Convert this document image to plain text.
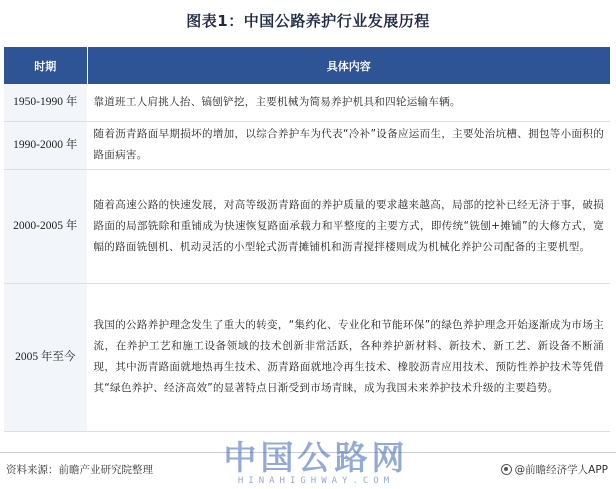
图表1：中国公路养护行业发展历程
时期	具体内容
1950-1990 年	靠道班工人肩挑人抬、镐刨铲挖，主要机械为简易养护机具和四轮运输车辆。
1990-2000 年	随着沥青路面早期损坏的增加，以综合养护车为代表“冷补”设备应运而生，主要处治坑槽、拥包等小面积的路面病害。
2000-2005 年	随着高速公路的快速发展，对高等级沥青路面的养护质量的要求越来越高，局部的挖补已经无济于事，破损路面的局部铣除和重铺成为快速恢复路面承载力和平整度的主要方式，即传统“铣刨+摊铺”的大修方式，宽幅的路面铣刨机、机动灵活的小型轮式沥青摊铺机和沥青搅拌楼则成为机械化养护公司配备的主要机型。
2005 年至今	我国的公路养护理念发生了重大的转变，“集约化、专业化和节能环保”的绿色养护理念开始逐渐成为市场主流，在养护工艺和施工设备领域的技术创新非常活跃，各种养护新材料、新技术、新工艺、新设备不断涌现，其中沥青路面就地热再生技术、沥青路面就地冷再生技术、橡胶沥青应用技术、预防性养护技术等凭借其“绿色养护、经济高效”的显著特点日渐受到市场青睐，成为我国未来养护技术升级的主要趋势。
资料来源：前瞻产业研究院整理	@前瞻经济学人APP
中国公路网
HINAHIGHWAY.COM
